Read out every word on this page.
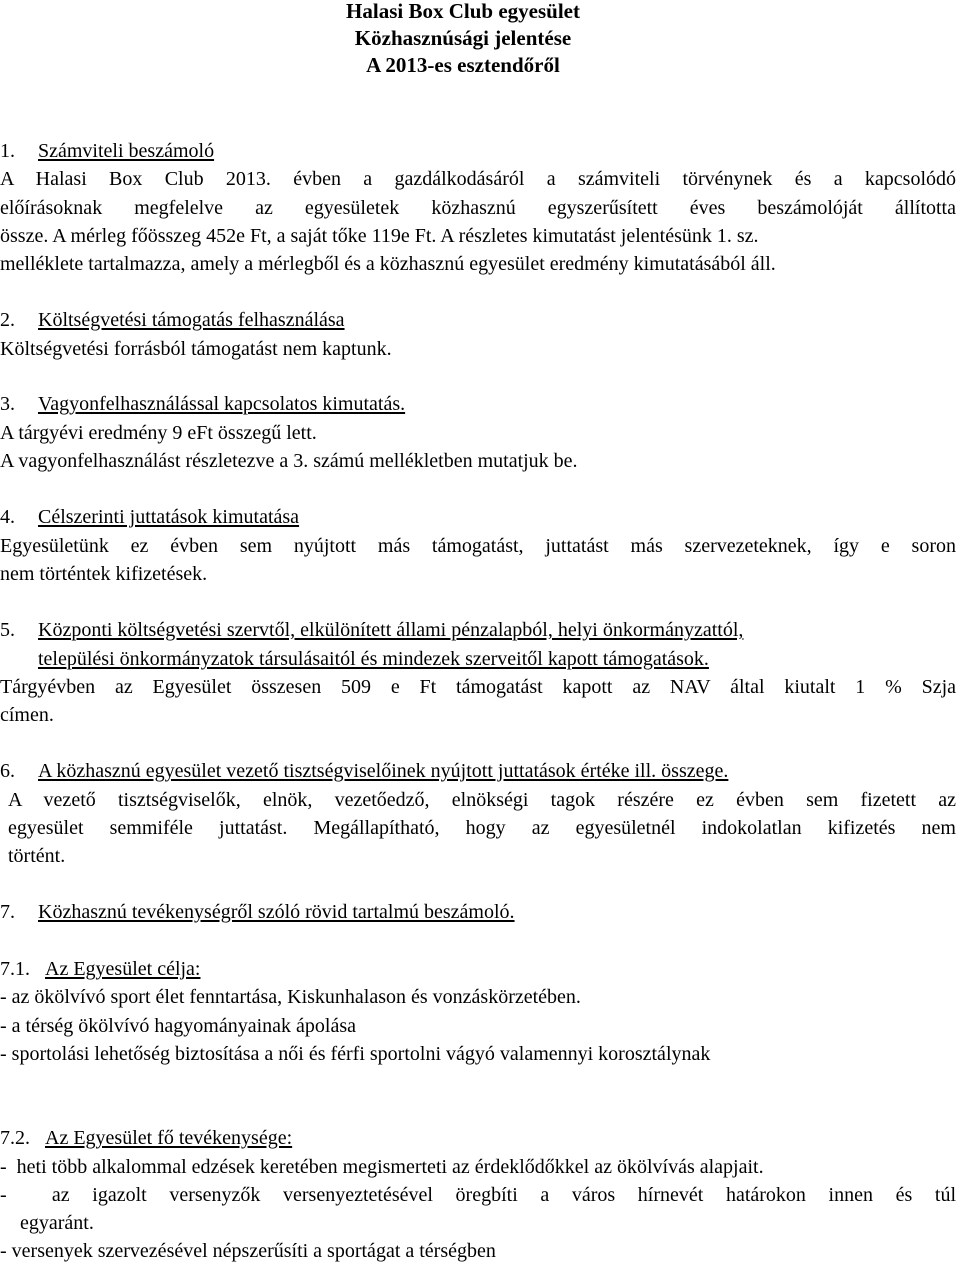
Halasi Box Club egyesület
Közhasznúsági jelentése
A 2013-es esztendőről
1. Számviteli beszámoló
A Halasi Box Club 2013. évben a gazdálkodásáról a számviteli törvénynek és a kapcsolódó
előírásoknak megfelelve az egyesületek közhasznú egyszerűsített éves beszámolóját állította
össze. A mérleg főösszeg 452e Ft, a saját tőke 119e Ft. A részletes kimutatást jelentésünk 1. sz.
melléklete tartalmazza, amely a mérlegből és a közhasznú egyesület eredmény kimutatásából áll.
2. Költségvetési támogatás felhasználása
Költségvetési forrásból támogatást nem kaptunk.
3. Vagyonfelhasználással kapcsolatos kimutatás.
A tárgyévi eredmény 9 eFt összegű lett.
A vagyonfelhasználást részletezve a 3. számú mellékletben mutatjuk be.
4. Célszerinti juttatások kimutatása
Egyesületünk ez évben sem nyújtott más támogatást, juttatást más szervezeteknek, így e soron
nem történtek kifizetések.
5. Központi költségvetési szervtől, elkülönített állami pénzalapból, helyi önkormányzattól,
települési önkormányzatok társulásaitól és mindezek szerveitől kapott támogatások.
Tárgyévben az Egyesület összesen 509 e Ft támogatást kapott az NAV által kiutalt 1 % Szja
címen.
6. A közhasznú egyesület vezető tisztségviselőinek nyújtott juttatások értéke ill. összege.
A vezető tisztségviselők, elnök, vezetőedző, elnökségi tagok részére ez évben sem fizetett az
egyesület semmiféle juttatást. Megállapítható, hogy az egyesületnél indokolatlan kifizetés nem
történt.
7. Közhasznú tevékenységről szóló rövid tartalmú beszámoló.
7.1. Az Egyesület célja:
- az ökölvívó sport élet fenntartása, Kiskunhalason és vonzáskörzetében.
- a térség ökölvívó hagyományainak ápolása
- sportolási lehetőség biztosítása a női és férfi sportolni vágyó valamennyi korosztálynak
7.2. Az Egyesület fő tevékenysége:
-  heti több alkalommal edzések keretében megismerteti az érdeklődőkkel az ökölvívás alapjait.
-  az igazolt versenyzők versenyeztetésével öregbíti a város hírnevét határokon innen és túl
egyaránt.
- versenyek szervezésével népszerűsíti a sportágat a térségben
